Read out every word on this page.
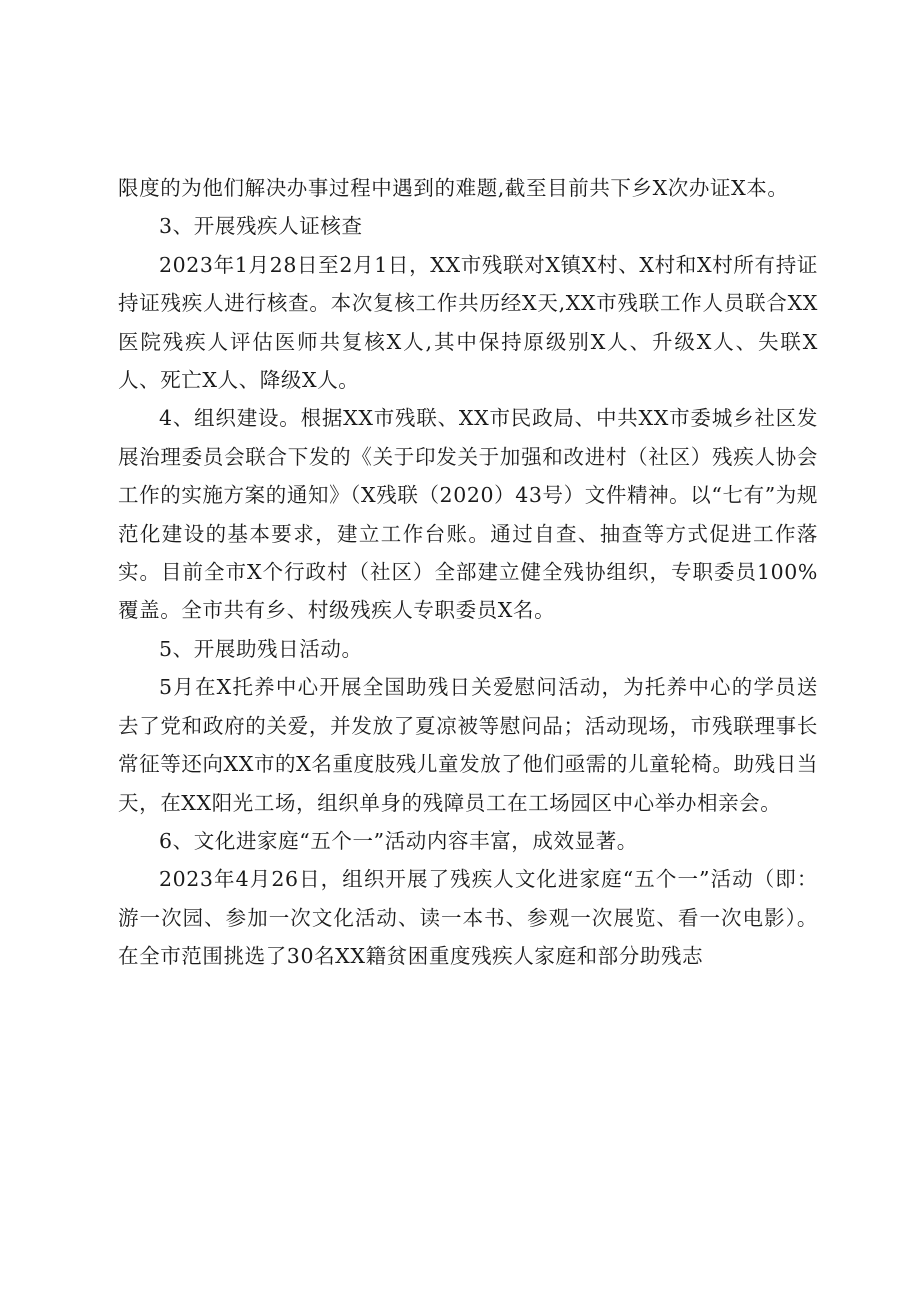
限度的为他们解决办事过程中遇到的难题,截至目前共下乡X次办证X本。

3、开展残疾人证核查

2023年1月28日至2月1日，XX市残联对X镇X村、X村和X村所有持证持证残疾人进行核查。本次复核工作共历经X天,XX市残联工作人员联合XX医院残疾人评估医师共复核X人,其中保持原级别X人、升级X人、失联X人、死亡X人、降级X人。

4、组织建设。根据XX市残联、XX市民政局、中共XX市委城乡社区发展治理委员会联合下发的《关于印发关于加强和改进村（社区）残疾人协会工作的实施方案的通知》（X残联（2020）43号）文件精神。以“七有”为规范化建设的基本要求，建立工作台账。通过自查、抽查等方式促进工作落实。目前全市X个行政村（社区）全部建立健全残协组织，专职委员100%覆盖。全市共有乡、村级残疾人专职委员X名。

5、开展助残日活动。

5月在X托养中心开展全国助残日关爱慰问活动，为托养中心的学员送去了党和政府的关爱，并发放了夏凉被等慰问品；活动现场，市残联理事长常征等还向XX市的X名重度肢残儿童发放了他们亟需的儿童轮椅。助残日当天，在XX阳光工场，组织单身的残障员工在工场园区中心举办相亲会。

6、文化进家庭“五个一”活动内容丰富，成效显著。

2023年4月26日，组织开展了残疾人文化进家庭“五个一”活动（即：游一次园、参加一次文化活动、读一本书、参观一次展览、看一次电影）。在全市范围挑选了30名XX籍贫困重度残疾人家庭和部分助残志
